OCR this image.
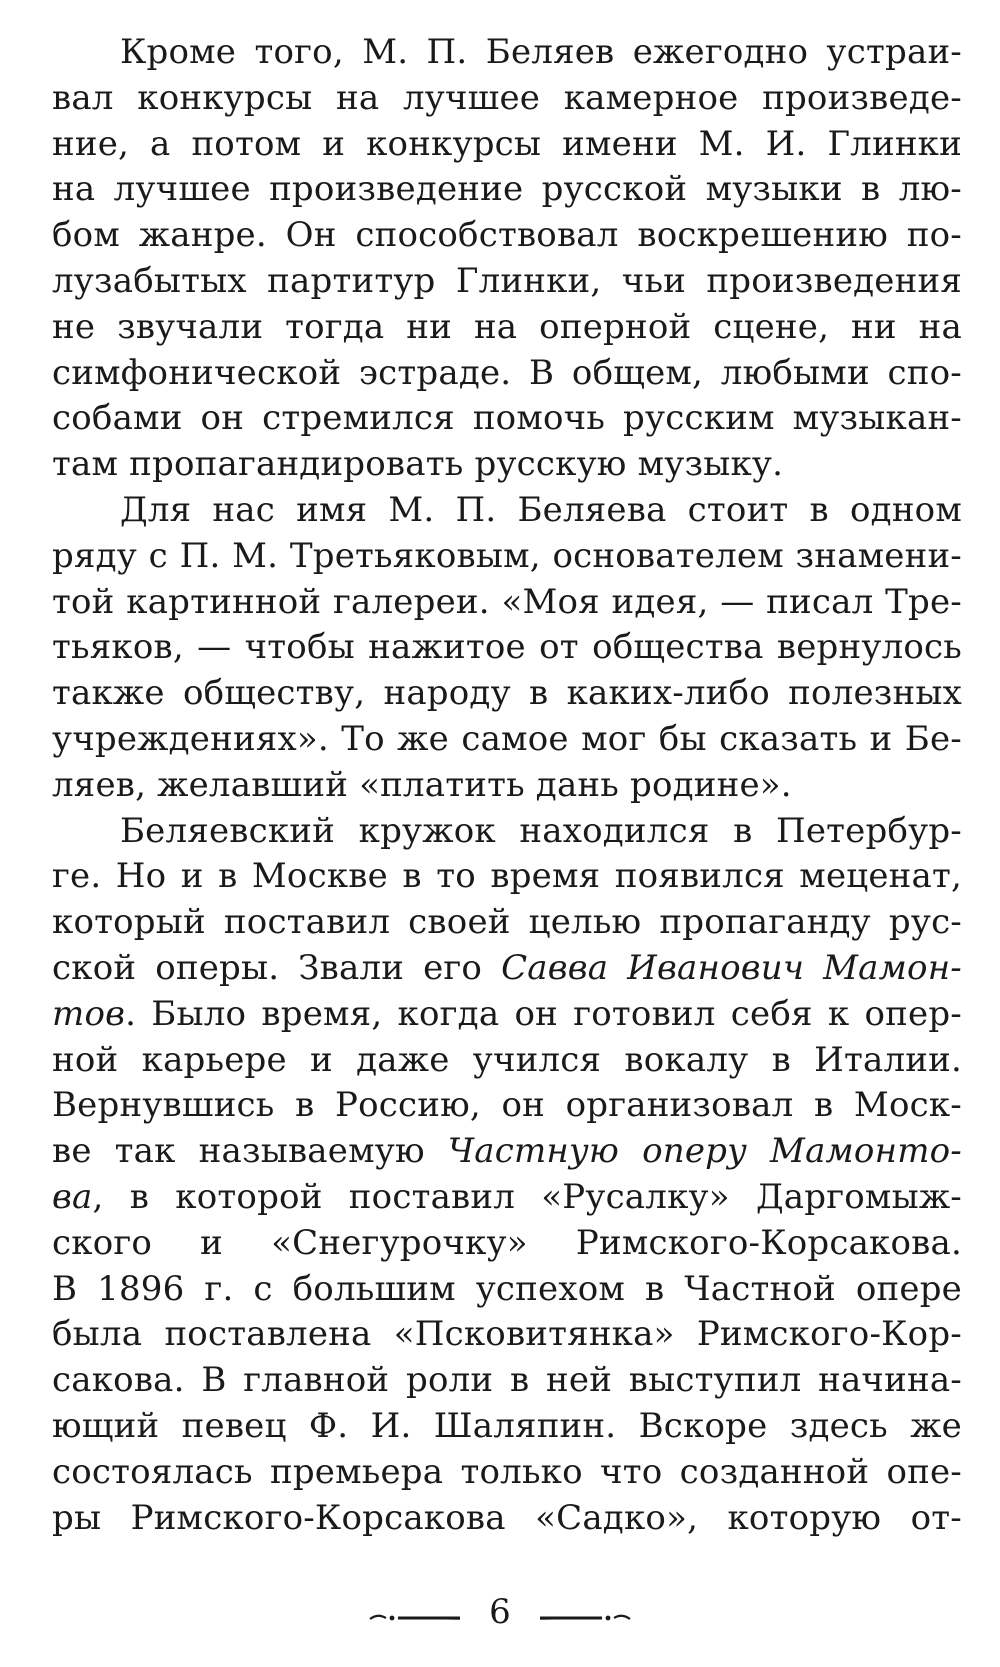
Кроме того, М. П. Беляев ежегодно устраи-
вал конкурсы на лучшее камерное произведе-
ние, а потом и конкурсы имени М. И. Глинки
на лучшее произведение русской музыки в лю-
бом жанре. Он способствовал воскрешению по-
лузабытых партитур Глинки, чьи произведения
не звучали тогда ни на оперной сцене, ни на
симфонической эстраде. В общем, любыми спо-
собами он стремился помочь русским музыкан-
там пропагандировать русскую музыку.
Для нас имя М. П. Беляева стоит в одном
ряду с П. М. Третьяковым, основателем знамени-
той картинной галереи. «Моя идея, — писал Тре-
тьяков, — чтобы нажитое от общества вернулось
также обществу, народу в каких-либо полезных
учреждениях». То же самое мог бы сказать и Бе-
ляев, желавший «платить дань родине».
Беляевский кружок находился в Петербур-
ге. Но и в Москве в то время появился меценат,
который поставил своей целью пропаганду рус-
ской оперы. Звали его Савва Иванович Мамон-
тов. Было время, когда он готовил себя к опер-
ной карьере и даже учился вокалу в Италии.
Вернувшись в Россию, он организовал в Моск-
ве так называемую Частную оперу Мамонто-
ва, в которой поставил «Русалку» Даргомыж-
ского и «Снегурочку» Римского-Корсакова.
В 1896 г. с большим успехом в Частной опере
была поставлена «Псковитянка» Римского-Кор-
сакова. В главной роли в ней выступил начина-
ющий певец Ф. И. Шаляпин. Вскоре здесь же
состоялась премьера только что созданной опе-
ры Римского-Корсакова «Садко», которую от-
6
